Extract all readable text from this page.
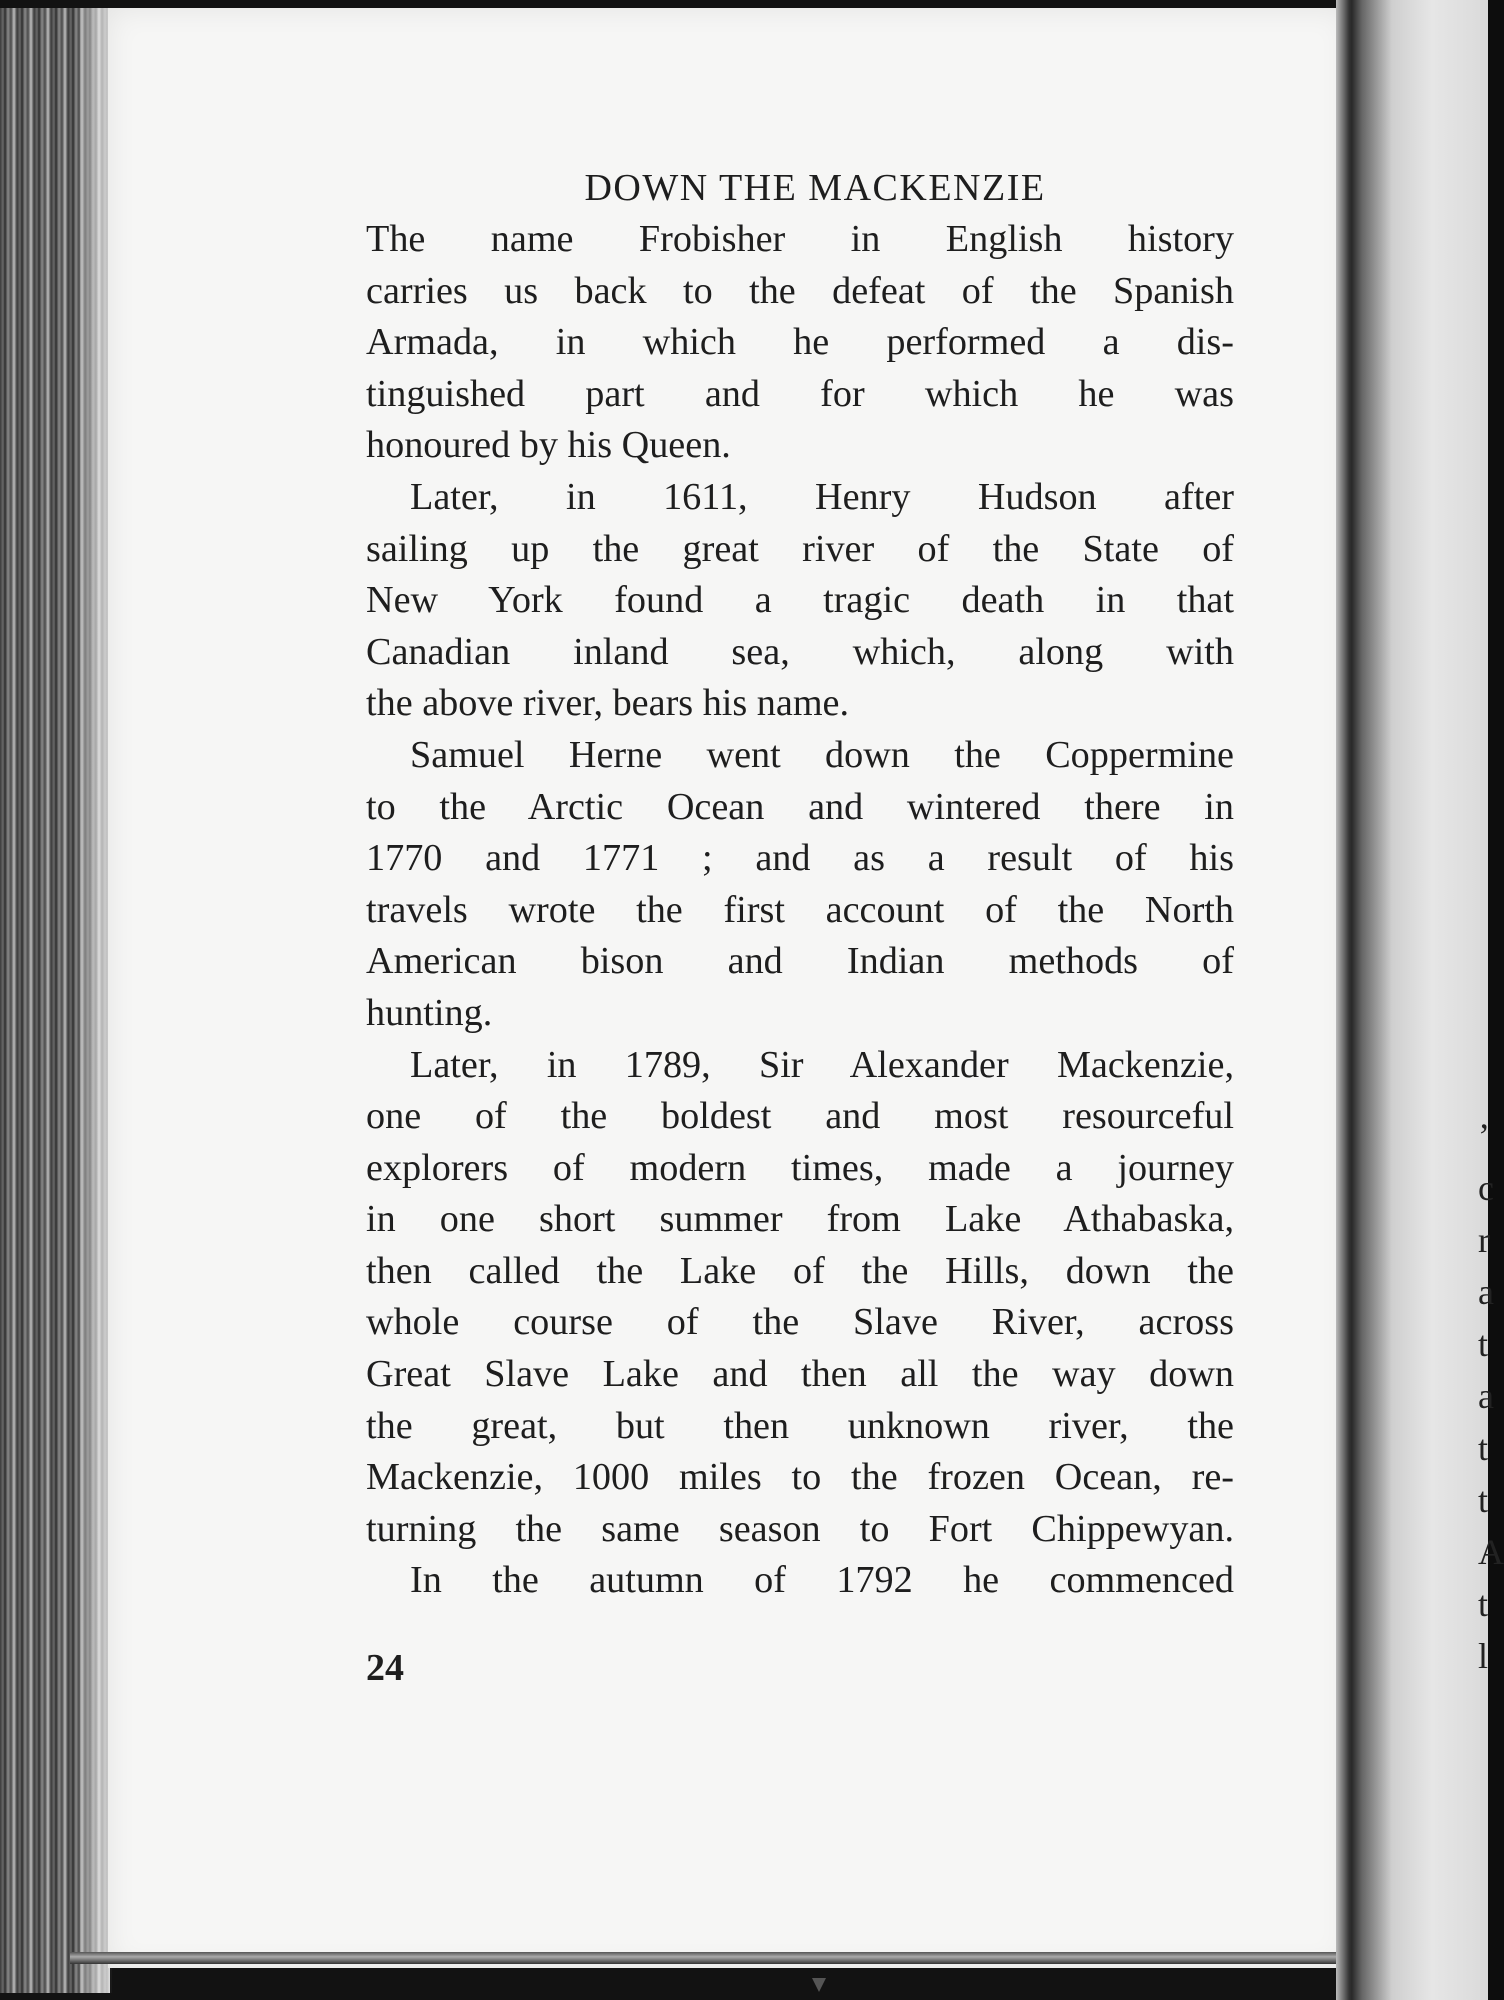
’
c
r
a
t
a
t
t
A
t
l
DOWN THE MACKENZIE
The name Frobisher in English history
carries us back to the defeat of the Spanish
Armada, in which he performed a dis-
tinguished part and for which he was
honoured by his Queen.
Later, in 1611, Henry Hudson after
sailing up the great river of the State of
New York found a tragic death in that
Canadian inland sea, which, along with
the above river, bears his name.
Samuel Herne went down the Coppermine
to the Arctic Ocean and wintered there in
1770 and 1771 ; and as a result of his
travels wrote the first account of the North
American bison and Indian methods of
hunting.
Later, in 1789, Sir Alexander Mackenzie,
one of the boldest and most resourceful
explorers of modern times, made a journey
in one short summer from Lake Athabaska,
then called the Lake of the Hills, down the
whole course of the Slave River, across
Great Slave Lake and then all the way down
the great, but then unknown river, the
Mackenzie, 1000 miles to the frozen Ocean, re-
turning the same season to Fort Chippewyan.
In the autumn of 1792 he commenced
24
